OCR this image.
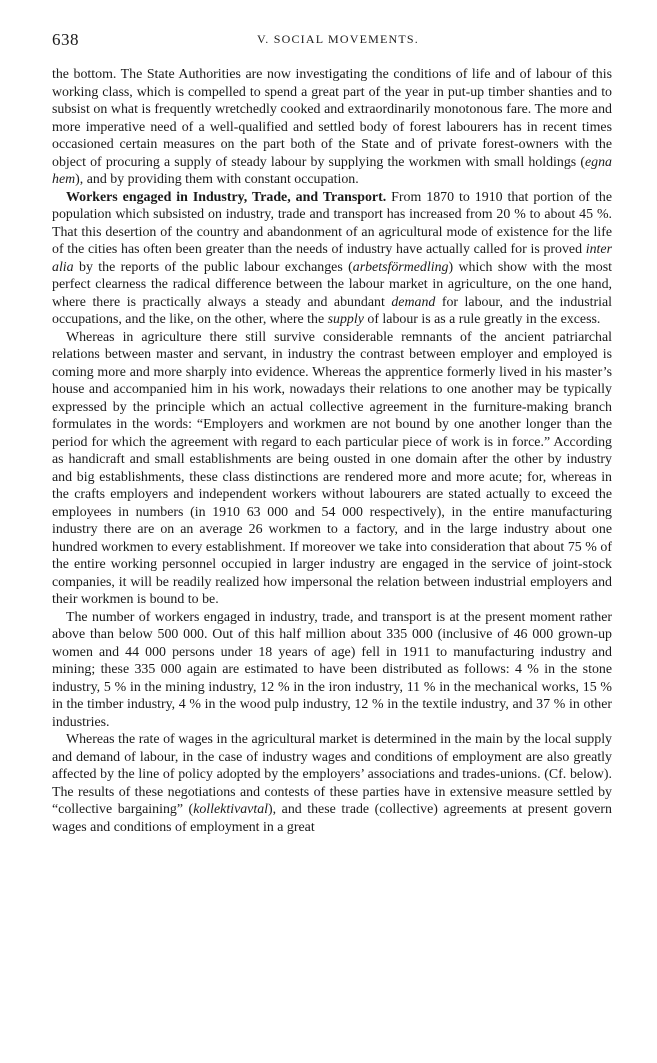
638	V. SOCIAL MOVEMENTS.

the bottom. The State Authorities are now investigating the conditions of life and of labour of this working class, which is compelled to spend a great part of the year in put-up timber shanties and to subsist on what is frequently wretchedly cooked and extraordinarily monotonous fare. The more and more imperative need of a well-qualified and settled body of forest labourers has in recent times occasioned certain measures on the part both of the State and of private forest-owners with the object of procuring a supply of steady labour by supplying the workmen with small holdings (egna hem), and by providing them with constant occupation.

Workers engaged in Industry, Trade, and Transport. From 1870 to 1910 that portion of the population which subsisted on industry, trade and transport has increased from 20 % to about 45 %. That this desertion of the country and abandonment of an agricultural mode of existence for the life of the cities has often been greater than the needs of industry have actually called for is proved inter alia by the reports of the public labour exchanges (arbetsförmedling) which show with the most perfect clearness the radical difference between the labour market in agriculture, on the one hand, where there is practically always a steady and abundant demand for labour, and the industrial occupations, and the like, on the other, where the supply of labour is as a rule greatly in the excess.

Whereas in agriculture there still survive considerable remnants of the ancient patriarchal relations between master and servant, in industry the contrast between employer and employed is coming more and more sharply into evidence. Whereas the apprentice formerly lived in his master’s house and accompanied him in his work, nowadays their relations to one another may be typically expressed by the principle which an actual collective agreement in the furniture-making branch formulates in the words: “Employers and workmen are not bound by one another longer than the period for which the agreement with regard to each particular piece of work is in force.” According as handicraft and small establishments are being ousted in one domain after the other by industry and big establishments, these class distinctions are rendered more and more acute; for, whereas in the crafts employers and independent workers without labourers are stated actually to exceed the employees in numbers (in 1910 63 000 and 54 000 respectively), in the entire manufacturing industry there are on an average 26 workmen to a factory, and in the large industry about one hundred workmen to every establishment. If moreover we take into consideration that about 75 % of the entire working personnel occupied in larger industry are engaged in the service of joint-stock companies, it will be readily realized how impersonal the relation between industrial employers and their workmen is bound to be.

The number of workers engaged in industry, trade, and transport is at the present moment rather above than below 500 000. Out of this half million about 335 000 (inclusive of 46 000 grown-up women and 44 000 persons under 18 years of age) fell in 1911 to manufacturing industry and mining; these 335 000 again are estimated to have been distributed as follows: 4 % in the stone industry, 5 % in the mining industry, 12 % in the iron industry, 11 % in the mechanical works, 15 % in the timber industry, 4 % in the wood pulp industry, 12 % in the textile industry, and 37 % in other industries.

Whereas the rate of wages in the agricultural market is determined in the main by the local supply and demand of labour, in the case of industry wages and conditions of employment are also greatly affected by the line of policy adopted by the employers’ associations and trades-unions. (Cf. below). The results of these negotiations and contests of these parties have in extensive measure settled by “collective bargaining” (kollektivavtal), and these trade (collective) agreements at present govern wages and conditions of employment in a great
